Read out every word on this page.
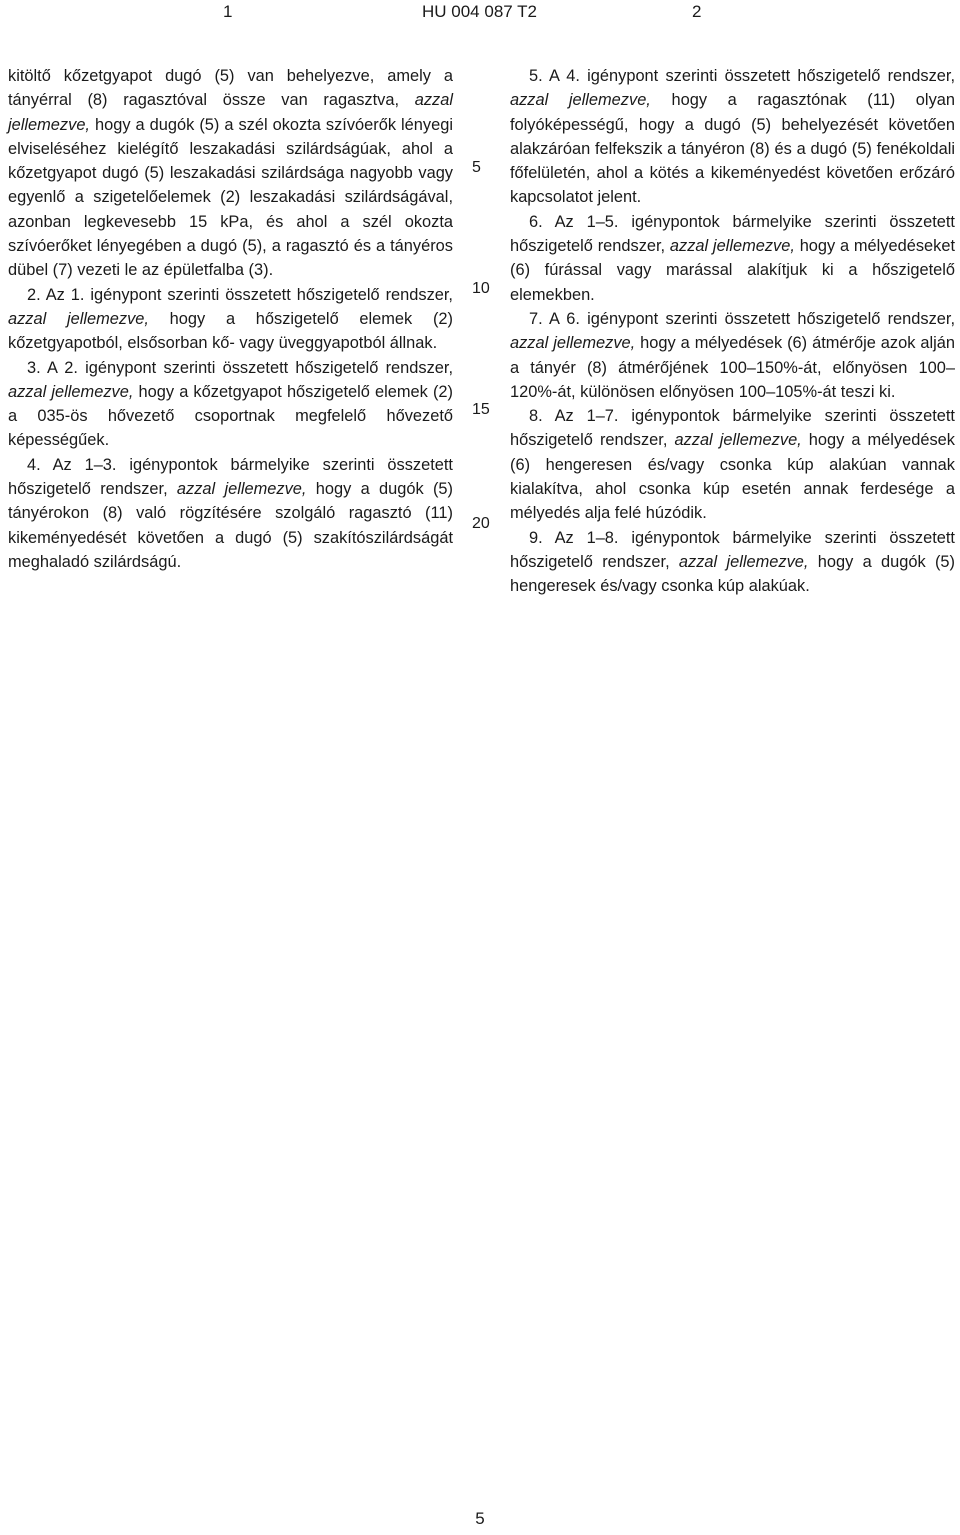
1	HU 004 087 T2	2

kitöltő kőzetgyapot dugó (5) van behelyezve, amely a tányérral (8) ragasztóval össze van ragasztva, azzal jellemezve, hogy a dugók (5) a szél okozta szívóerők lényegi elviseléséhez kielégítő leszakadási szilárdságúak, ahol a kőzetgyapot dugó (5) leszakadási szilárdsága nagyobb vagy egyenlő a szigetelőelemek (2) leszakadási szilárdságával, azonban legkevesebb 15 kPa, és ahol a szél okozta szívóerőket lényegében a dugó (5), a ragasztó és a tányéros dübel (7) vezeti le az épületfalba (3).

2. Az 1. igénypont szerinti összetett hőszigetelő rendszer, azzal jellemezve, hogy a hőszigetelő elemek (2) kőzetgyapotból, elsősorban kő- vagy üveggyapotból állnak.

3. A 2. igénypont szerinti összetett hőszigetelő rendszer, azzal jellemezve, hogy a kőzetgyapot hőszigetelő elemek (2) a 035-ös hővezető csoportnak megfelelő hővezető képességűek.

4. Az 1–3. igénypontok bármelyike szerinti összetett hőszigetelő rendszer, azzal jellemezve, hogy a dugók (5) tányérokon (8) való rögzítésére szolgáló ragasztó (11) kikeményedését követően a dugó (5) szakítószilárdságát meghaladó szilárdságú.

5
10
15
20

5. A 4. igénypont szerinti összetett hőszigetelő rendszer, azzal jellemezve, hogy a ragasztónak (11) olyan folyóképességű, hogy a dugó (5) behelyezését követően alakzáróan felfekszik a tányéron (8) és a dugó (5) fenékoldali főfelületén, ahol a kötés a kikeményedést követően erőzáró kapcsolatot jelent.

6. Az 1–5. igénypontok bármelyike szerinti összetett hőszigetelő rendszer, azzal jellemezve, hogy a mélyedéseket (6) fúrással vagy marással alakítjuk ki a hőszigetelő elemekben.

7. A 6. igénypont szerinti összetett hőszigetelő rendszer, azzal jellemezve, hogy a mélyedések (6) átmérője azok alján a tányér (8) átmérőjének 100–150%-át, előnyösen 100–120%-át, különösen előnyösen 100–105%-át teszi ki.

8. Az 1–7. igénypontok bármelyike szerinti összetett hőszigetelő rendszer, azzal jellemezve, hogy a mélyedések (6) hengeresen és/vagy csonka kúp alakúan vannak kialakítva, ahol csonka kúp esetén annak ferdesége a mélyedés alja felé húzódik.

9. Az 1–8. igénypontok bármelyike szerinti összetett hőszigetelő rendszer, azzal jellemezve, hogy a dugók (5) hengeresek és/vagy csonka kúp alakúak.

5
